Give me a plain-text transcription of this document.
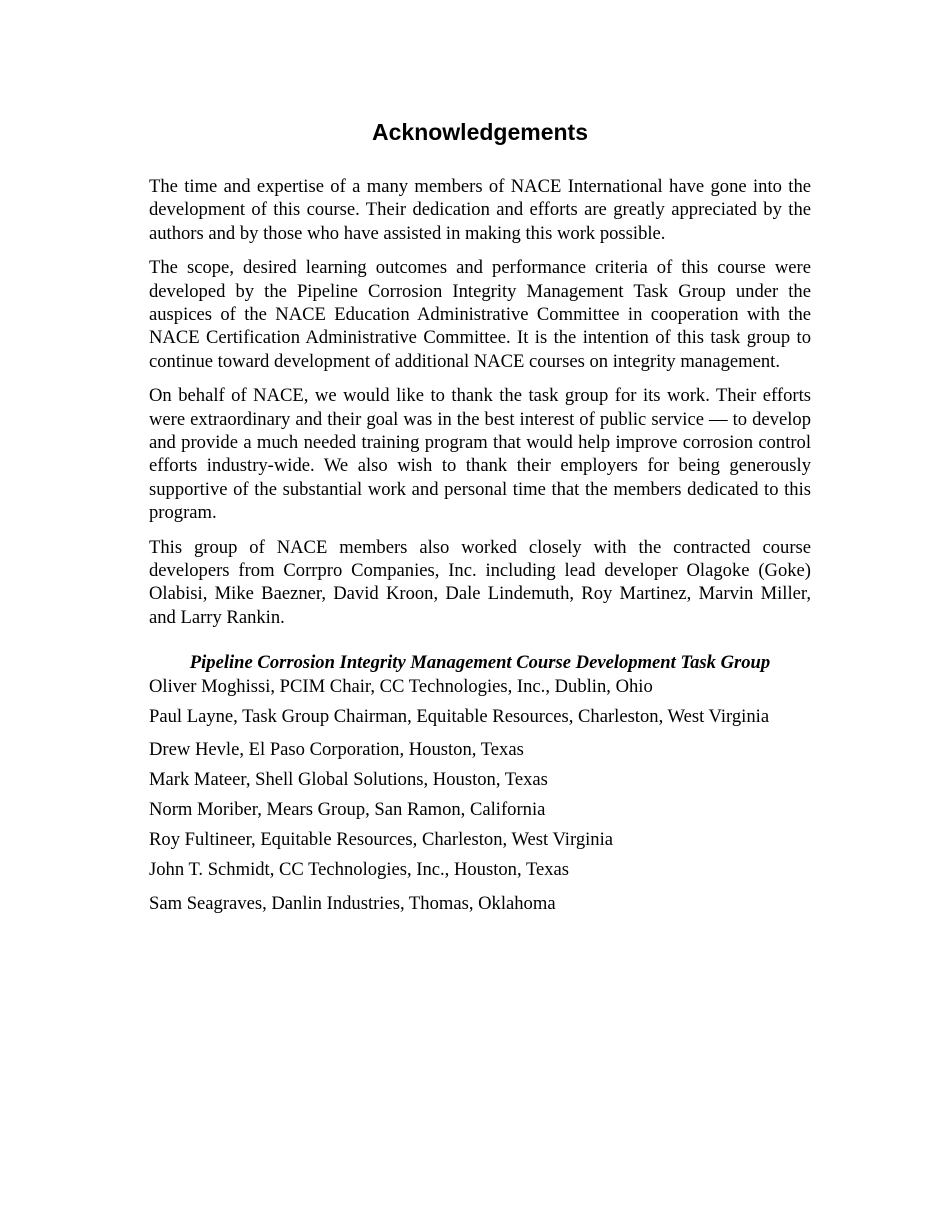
Acknowledgements

The time and expertise of a many members of NACE International have gone into the development of this course. Their dedication and efforts are greatly appreciated by the authors and by those who have assisted in making this work possible.

The scope, desired learning outcomes and performance criteria of this course were developed by the Pipeline Corrosion Integrity Management Task Group under the auspices of the NACE Education Administrative Committee in cooperation with the NACE Certification Administrative Committee. It is the intention of this task group to continue toward development of additional NACE courses on integrity management.

On behalf of NACE, we would like to thank the task group for its work. Their efforts were extraordinary and their goal was in the best interest of public service — to develop and provide a much needed training program that would help improve corrosion control efforts industry-wide. We also wish to thank their employers for being generously supportive of the substantial work and personal time that the members dedicated to this program.

This group of NACE members also worked closely with the contracted course developers from Corrpro Companies, Inc. including lead developer Olagoke (Goke) Olabisi, Mike Baezner, David Kroon, Dale Lindemuth, Roy Martinez, Marvin Miller, and Larry Rankin.

Pipeline Corrosion Integrity Management Course Development Task Group
Oliver Moghissi, PCIM Chair, CC Technologies, Inc., Dublin, Ohio
Paul Layne, Task Group Chairman, Equitable Resources, Charleston, West Virginia
Drew Hevle, El Paso Corporation, Houston, Texas
Mark Mateer, Shell Global Solutions, Houston, Texas
Norm Moriber, Mears Group, San Ramon, California
Roy Fultineer, Equitable Resources, Charleston, West Virginia
John T. Schmidt, CC Technologies, Inc., Houston, Texas
Sam Seagraves, Danlin Industries, Thomas, Oklahoma
